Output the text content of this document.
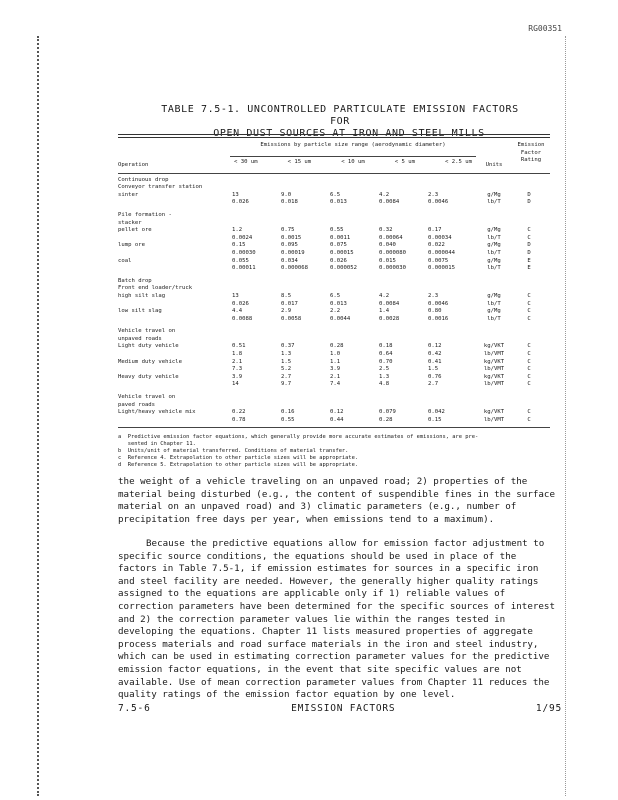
RG00351
TABLE 7.5-1. UNCONTROLLED PARTICULATE EMISSION FACTORS FOR
OPEN DUST SOURCES AT IRON AND STEEL MILLS
Operation
Emissions by particle size range (aerodynamic diameter)
< 30 um	< 15 um	< 10 um	< 5 um	< 2.5 um
Units
Emission Factor Rating
Continuous drop
Conveyor transfer station
sinter	13	9.0	6.5	4.2	2.3	g/Mg	D
0.026	0.018	0.013	0.0084	0.0046	lb/T	D
Pile formation -
stacker
pellet ore	1.2	0.75	0.55	0.32	0.17	g/Mg	C
0.0024	0.0015	0.0011	0.00064	0.00034	lb/T	C
lump ore	0.15	0.095	0.075	0.040	0.022	g/Mg	D
0.00030	0.00019	0.00015	0.000080	0.000044	lb/T	D
coal	0.055	0.034	0.026	0.015	0.0075	g/Mg	E
0.00011	0.000068	0.000052	0.000030	0.000015	lb/T	E
Batch drop
Front end loader/truck
high silt slag	13	8.5	6.5	4.2	2.3	g/Mg	C
0.026	0.017	0.013	0.0084	0.0046	lb/T	C
low silt slag	4.4	2.9	2.2	1.4	0.80	g/Mg	C
0.0088	0.0058	0.0044	0.0028	0.0016	lb/T	C
Vehicle travel on
unpaved roads
Light duty vehicle	0.51	0.37	0.28	0.18	0.12	kg/VKT	C
1.8	1.3	1.0	0.64	0.42	lb/VMT	C
Medium duty vehicle	2.1	1.5	1.1	0.70	0.41	kg/VKT	C
7.3	5.2	3.9	2.5	1.5	lb/VMT	C
Heavy duty vehicle	3.9	2.7	2.1	1.3	0.76	kg/VKT	C
14	9.7	7.4	4.8	2.7	lb/VMT	C
Vehicle travel on
paved roads
Light/heavy vehicle mix	0.22	0.16	0.12	0.079	0.042	kg/VKT	C
0.78	0.55	0.44	0.28	0.15	lb/VMT	C
a  Predictive emission factor equations, which generally provide more accurate estimates of emissions, are pre-
sented in Chapter 11.
b  Units/unit of material transferred. Conditions of material transfer.
c  Reference 4. Extrapolation to other particle sizes will be appropriate.
d  Reference 5. Extrapolation to other particle sizes will be appropriate.
the weight of a vehicle traveling on an unpaved road; 2) properties of the material being disturbed (e.g., the content of suspendible fines in the surface material on an unpaved road) and 3) climatic parameters (e.g., number of precipitation free days per year, when emissions tend to a maximum).
Because the predictive equations allow for emission factor adjustment to specific source conditions, the equations should be used in place of the factors in Table 7.5-1, if emission estimates for sources in a specific iron and steel facility are needed. However, the generally higher quality ratings assigned to the equations are applicable only if 1) reliable values of correction parameters have been determined for the specific sources of interest and 2) the correction parameter values lie within the ranges tested in developing the equations. Chapter 11 lists measured properties of aggregate process materials and road surface materials in the iron and steel industry, which can be used in estimating correction parameter values for the predictive emission factor equations, in the event that site specific values are not available. Use of mean correction parameter values from Chapter 11 reduces the quality ratings of the emission factor equation by one level.
7.5-6	EMISSION FACTORS	1/95
